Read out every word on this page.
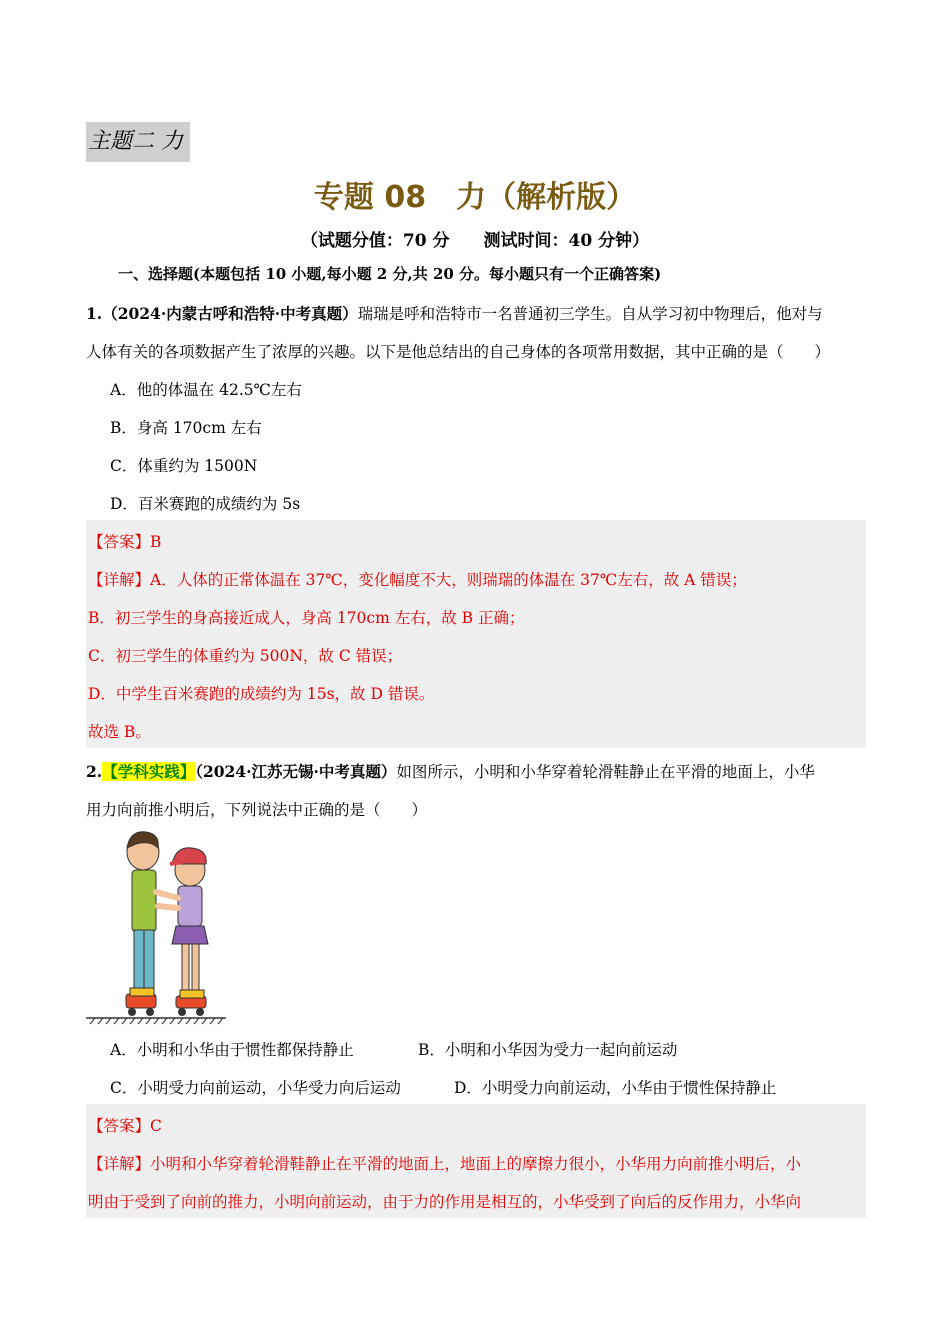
主题二 力
专题 08　力（解析版）
（试题分值：70 分　　测试时间：40 分钟）
一、选择题(本题包括 10 小题,每小题 2 分,共 20 分。每小题只有一个正确答案)
1.（2024·内蒙古呼和浩特·中考真题）瑞瑞是呼和浩特市一名普通初三学生。自从学习初中物理后，他对与
人体有关的各项数据产生了浓厚的兴趣。以下是他总结出的自己身体的各项常用数据，其中正确的是（　　）
A．他的体温在 42.5℃左右
B．身高 170cm 左右
C．体重约为 1500N
D．百米赛跑的成绩约为 5s
【答案】B
【详解】A．人体的正常体温在 37℃，变化幅度不大，则瑞瑞的体温在 37℃左右，故 A 错误；
B．初三学生的身高接近成人，身高 170cm 左右，故 B 正确；
C．初三学生的体重约为 500N，故 C 错误；
D．中学生百米赛跑的成绩约为 15s，故 D 错误。
故选 B。
2.【学科实践】（2024·江苏无锡·中考真题）如图所示，小明和小华穿着轮滑鞋静止在平滑的地面上，小华
用力向前推小明后，下列说法中正确的是（　　）
A．小明和小华由于惯性都保持静止	B．小明和小华因为受力一起向前运动
C．小明受力向前运动，小华受力向后运动	D．小明受力向前运动，小华由于惯性保持静止
【答案】C
【详解】小明和小华穿着轮滑鞋静止在平滑的地面上，地面上的摩擦力很小，小华用力向前推小明后，小
明由于受到了向前的推力，小明向前运动，由于力的作用是相互的，小华受到了向后的反作用力，小华向
